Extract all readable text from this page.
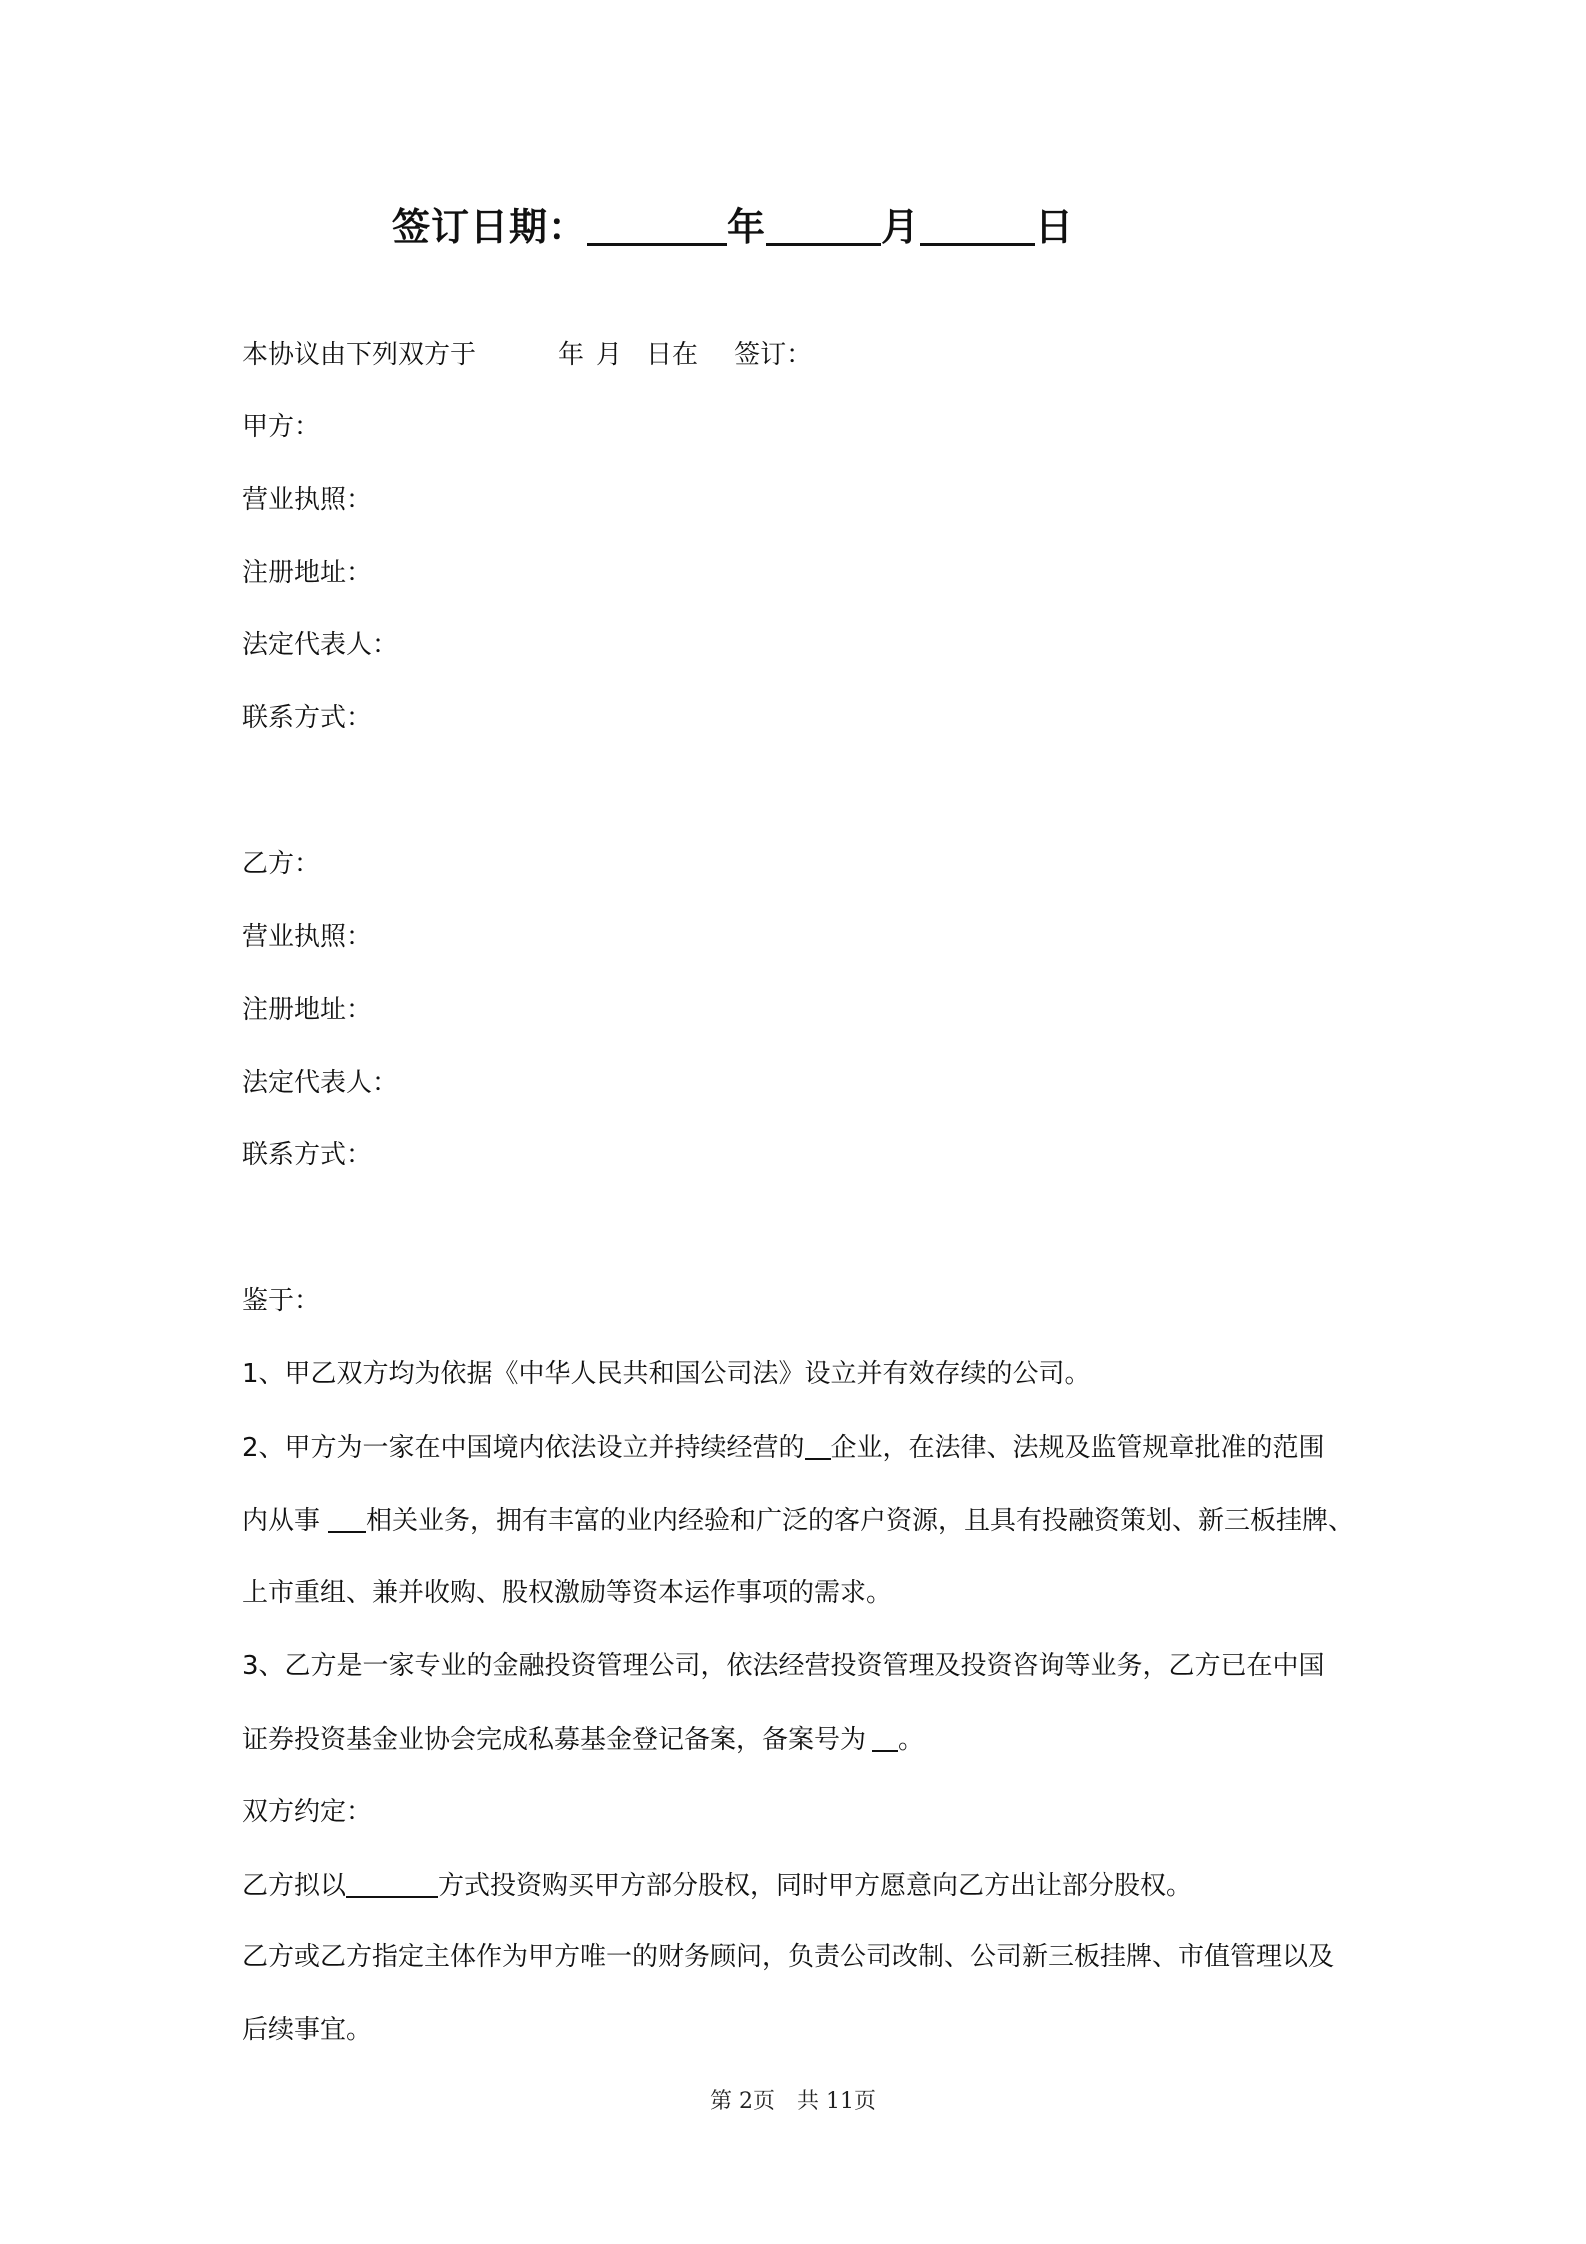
签订日期：	年	月	日
本协议由下列双方于	年 月 日在 签订：
甲方：
营业执照：
注册地址：
法定代表人：
联系方式：
乙方：
营业执照：
注册地址：
法定代表人：
联系方式：
鉴于：
1、甲乙双方均为依据《中华人民共和国公司法》设立并有效存续的公司。
2、甲方为一家在中国境内依法设立并持续经营的 企业，在法律、法规及监管规章批准的范围
内从事 相关业务，拥有丰富的业内经验和广泛的客户资源，且具有投融资策划、新三板挂牌、
上市重组、兼并收购、股权激励等资本运作事项的需求。
3、乙方是一家专业的金融投资管理公司，依法经营投资管理及投资咨询等业务，乙方已在中国
证券投资基金业协会完成私募基金登记备案，备案号为 。
双方约定：
乙方拟以	方式投资购买甲方部分股权，同时甲方愿意向乙方出让部分股权。
乙方或乙方指定主体作为甲方唯一的财务顾问，负责公司改制、公司新三板挂牌、市值管理以及
后续事宜。
第 2页 共 11页
